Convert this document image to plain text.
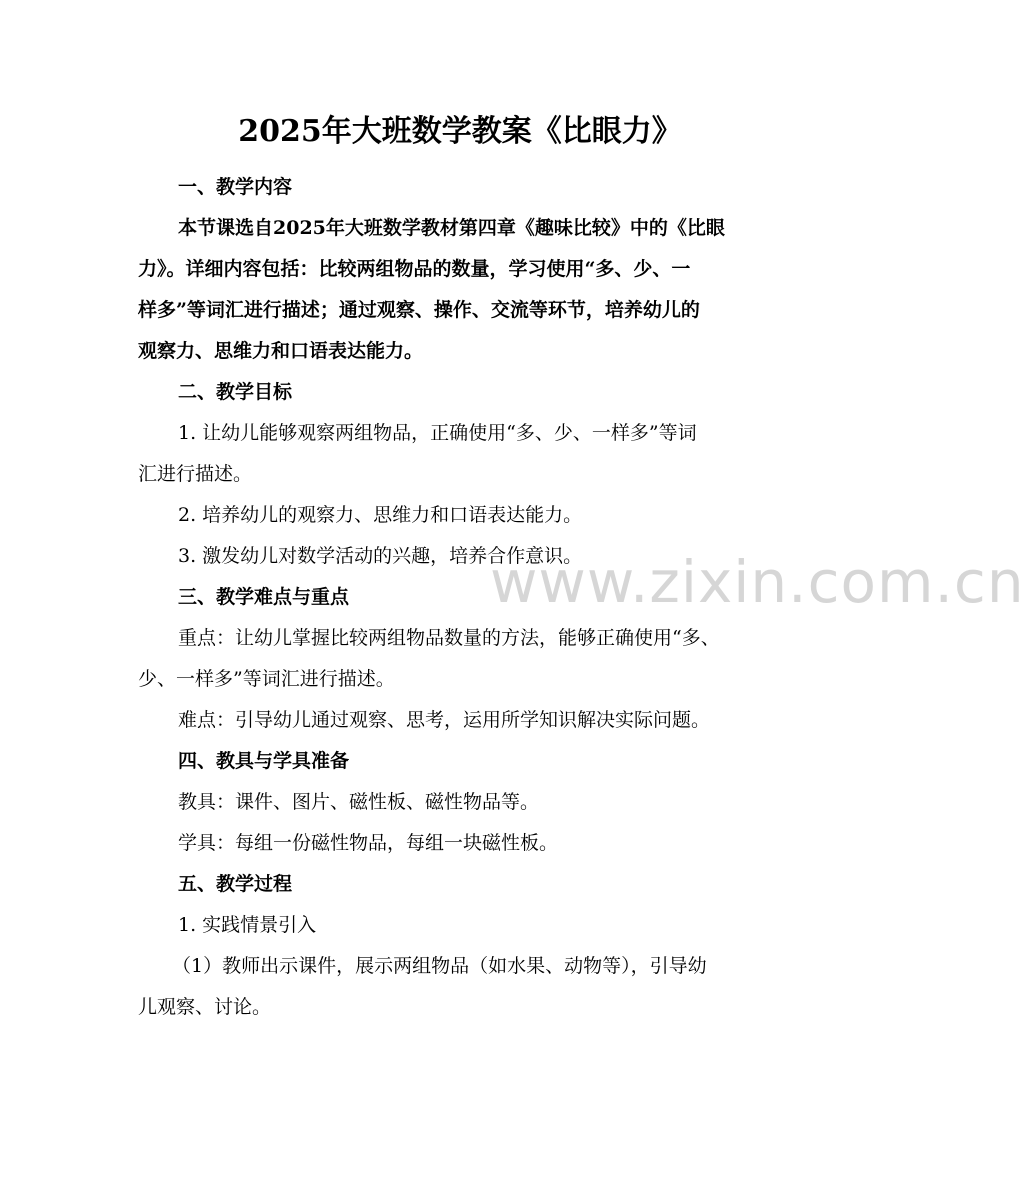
www.zixin.com.cn
2025年大班数学教案《比眼力》
一、教学内容
本节课选自2025年大班数学教材第四章《趣味比较》中的《比眼
力》。详细内容包括：比较两组物品的数量，学习使用“多、少、一
样多”等词汇进行描述；通过观察、操作、交流等环节，培养幼儿的
观察力、思维力和口语表达能力。
二、教学目标
1. 让幼儿能够观察两组物品，正确使用“多、少、一样多”等词
汇进行描述。
2. 培养幼儿的观察力、思维力和口语表达能力。
3. 激发幼儿对数学活动的兴趣，培养合作意识。
三、教学难点与重点
重点：让幼儿掌握比较两组物品数量的方法，能够正确使用“多、
少、一样多”等词汇进行描述。
难点：引导幼儿通过观察、思考，运用所学知识解决实际问题。
四、教具与学具准备
教具：课件、图片、磁性板、磁性物品等。
学具：每组一份磁性物品，每组一块磁性板。
五、教学过程
1. 实践情景引入
（1）教师出示课件，展示两组物品（如水果、动物等），引导幼
儿观察、讨论。
